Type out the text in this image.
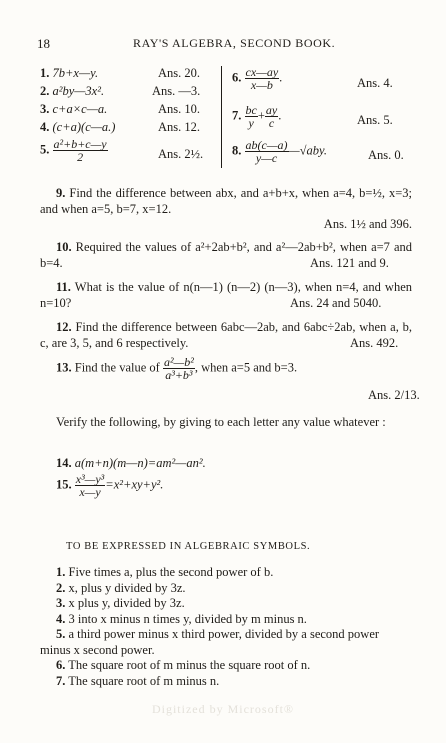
18	RAY'S ALGEBRA, SECOND BOOK.
1. 7b+x—y.	Ans. 20.
2. a²by—3x².	Ans. —3.
3. c+a×c—a.	Ans. 10.
4. (c+a)(c—a.)	Ans. 12.
5. $\frac{\text{a²+b+c—y}}{2}$	Ans. 2½.
6. $\frac{cx—ay}{x—b}$ .	Ans. 4.
7. $\frac{bc}{y} + \frac{ay}{c}$ .	Ans. 5.
8. $\frac{ab(c—a)}{y—c}$ —√aby.	Ans. 0.
9. Find the difference between abx, and a+b+x, when a=4, b=½, x=3; and when a=5, b=7, x=12.
Ans. 1½ and 396.
10. Required the values of a²+2ab+b², and a²—2ab+b², when a=7 and b=4.	Ans. 121 and 9.
11. What is the value of n(n—1) (n—2) (n—3), when n=4, and when n=10?	Ans. 24 and 5040.
12. Find the difference between 6abc—2ab, and 6abc÷2ab, when a, b, c, are 3, 5, and 6 respectively.	Ans. 492.
13. Find the value of $\frac{\text{a²—b²}}{\text{a³+b³}}$ , when a=5 and b=3.
Ans. 2/13.
Verify the following, by giving to each letter any value whatever :
14. a(m+n)(m—n)=am²—an².
15. $\frac{\text{x³—y³}}{x—y} =x^2+xy+y^2$.
TO BE EXPRESSED IN ALGEBRAIC SYMBOLS.
1. Five times a, plus the second power of b.
2. x, plus y divided by 3z.
3. x plus y, divided by 3z.
4. 3 into x minus n times y, divided by m minus n.
5. a third power minus x third power, divided by a second power minus x second power.
6. The square root of m minus the square root of n.
7. The square root of m minus n.
Digitized by Microsoft®
